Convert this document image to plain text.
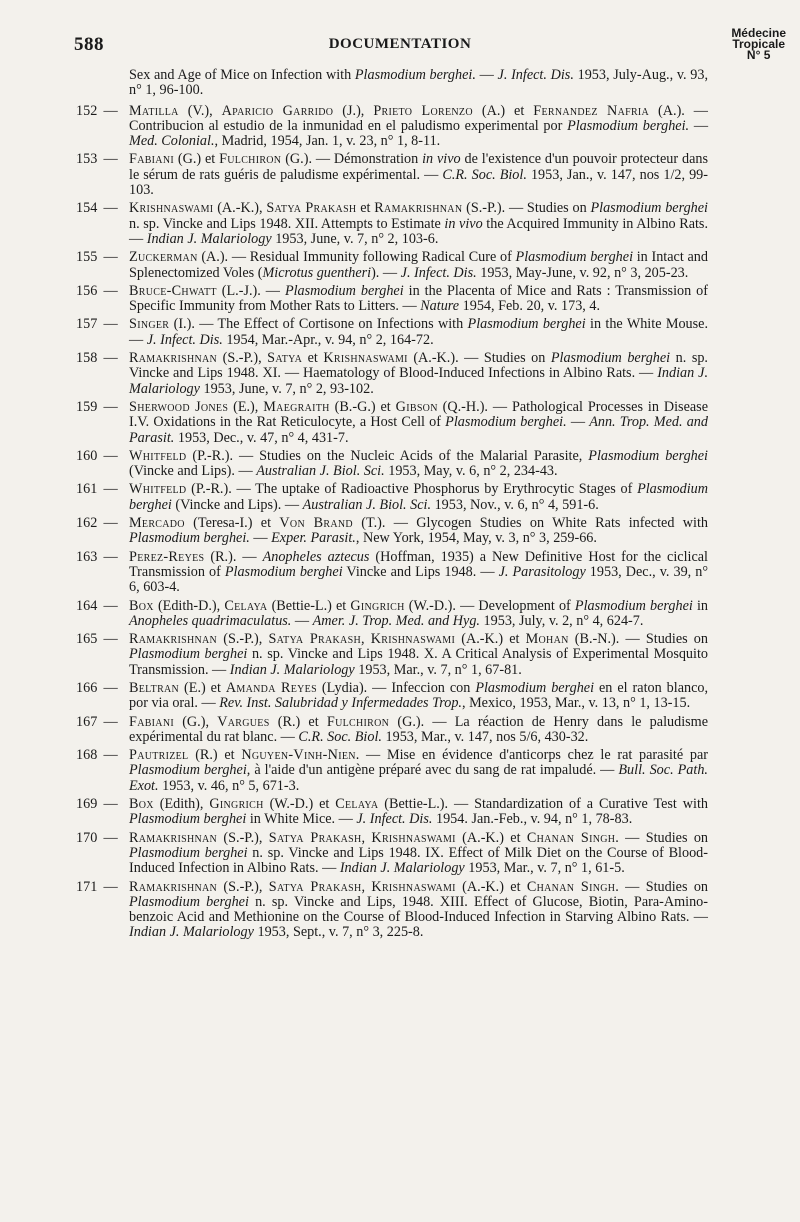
588	DOCUMENTATION
Médecine
Tropicale
N° 5
Sex and Age of Mice on Infection with Plasmodium berghei. — J. Infect. Dis. 1953, July-Aug., v. 93, n° 1, 96-100.
152 — Matilla (V.), Aparicio Garrido (J.), Prieto Lorenzo (A.) et Fernandez Nafria (A.). — Contribucion al estudio de la inmunidad en el paludismo experimental por Plasmodium berghei. — Med. Colonial., Madrid, 1954, Jan. 1, v. 23, n° 1, 8-11.
153 — Fabiani (G.) et Fulchiron (G.). — Démonstration in vivo de l'existence d'un pouvoir protecteur dans le sérum de rats guéris de paludisme expérimental. — C.R. Soc. Biol. 1953, Jan., v. 147, nos 1/2, 99-103.
154 — Krishnaswami (A.-K.), Satya Prakash et Ramakrishnan (S.-P.). — Studies on Plasmodium berghei n. sp. Vincke and Lips 1948. XII. Attempts to Estimate in vivo the Acquired Immunity in Albino Rats. — Indian J. Malariology 1953, June, v. 7, n° 2, 103-6.
155 — Zuckerman (A.). — Residual Immunity following Radical Cure of Plasmodium berghei in Intact and Splenectomized Voles (Microtus guentheri). — J. Infect. Dis. 1953, May-June, v. 92, n° 3, 205-23.
156 — Bruce-Chwatt (L.-J.). — Plasmodium berghei in the Placenta of Mice and Rats : Transmission of Specific Immunity from Mother Rats to Litters. — Nature 1954, Feb. 20, v. 173, 4.
157 — Singer (I.). — The Effect of Cortisone on Infections with Plasmodium berghei in the White Mouse. — J. Infect. Dis. 1954, Mar.-Apr., v. 94, n° 2, 164-72.
158 — Ramakrishnan (S.-P.), Satya et Krishnaswami (A.-K.). — Studies on Plasmodium berghei n. sp. Vincke and Lips 1948. XI. — Haematology of Blood-Induced Infections in Albino Rats. — Indian J. Malariology 1953, June, v. 7, n° 2, 93-102.
159 — Sherwood Jones (E.), Maegraith (B.-G.) et Gibson (Q.-H.). — Pathological Processes in Disease I.V. Oxidations in the Rat Reticulocyte, a Host Cell of Plasmodium berghei. — Ann. Trop. Med. and Parasit. 1953, Dec., v. 47, n° 4, 431-7.
160 — Whitfeld (P.-R.). — Studies on the Nucleic Acids of the Malarial Parasite, Plasmodium berghei (Vincke and Lips). — Australian J. Biol. Sci. 1953, May, v. 6, n° 2, 234-43.
161 — Whitfeld (P.-R.). — The uptake of Radioactive Phosphorus by Erythrocytic Stages of Plasmodium berghei (Vincke and Lips). — Australian J. Biol. Sci. 1953, Nov., v. 6, n° 4, 591-6.
162 — Mercado (Teresa-I.) et Von Brand (T.). — Glycogen Studies on White Rats infected with Plasmodium berghei. — Exper. Parasit., New York, 1954, May, v. 3, n° 3, 259-66.
163 — Perez-Reyes (R.). — Anopheles aztecus (Hoffman, 1935) a New Definitive Host for the ciclical Transmission of Plasmodium berghei Vincke and Lips 1948. — J. Parasitology 1953, Dec., v. 39, n° 6, 603-4.
164 — Box (Edith-D.), Celaya (Bettie-L.) et Gingrich (W.-D.). — Development of Plasmodium berghei in Anopheles quadrimaculatus. — Amer. J. Trop. Med. and Hyg. 1953, July, v. 2, n° 4, 624-7.
165 — Ramakrishnan (S.-P.), Satya Prakash, Krishnaswami (A.-K.) et Mohan (B.-N.). — Studies on Plasmodium berghei n. sp. Vincke and Lips 1948. X. A Critical Analysis of Experimental Mosquito Transmission. — Indian J. Malariology 1953, Mar., v. 7, n° 1, 67-81.
166 — Beltran (E.) et Amanda Reyes (Lydia). — Infeccion con Plasmodium berghei en el raton blanco, por via oral. — Rev. Inst. Salubridad y Infermedades Trop., Mexico, 1953, Mar., v. 13, n° 1, 13-15.
167 — Fabiani (G.), Vargues (R.) et Fulchiron (G.). — La réaction de Henry dans le paludisme expérimental du rat blanc. — C.R. Soc. Biol. 1953, Mar., v. 147, nos 5/6, 430-32.
168 — Pautrizel (R.) et Nguyen-Vinh-Nien. — Mise en évidence d'anticorps chez le rat parasité par Plasmodium berghei, à l'aide d'un antigène préparé avec du sang de rat impaludé. — Bull. Soc. Path. Exot. 1953, v. 46, n° 5, 671-3.
169 — Box (Edith), Gingrich (W.-D.) et Celaya (Bettie-L.). — Standardization of a Curative Test with Plasmodium berghei in White Mice. — J. Infect. Dis. 1954. Jan.-Feb., v. 94, n° 1, 78-83.
170 — Ramakrishnan (S.-P.), Satya Prakash, Krishnaswami (A.-K.) et Chanan Singh. — Studies on Plasmodium berghei n. sp. Vincke and Lips 1948. IX. Effect of Milk Diet on the Course of Blood-Induced Infection in Albino Rats. — Indian J. Malariology 1953, Mar., v. 7, n° 1, 61-5.
171 — Ramakrishnan (S.-P.), Satya Prakash, Krishnaswami (A.-K.) et Chanan Singh. — Studies on Plasmodium berghei n. sp. Vincke and Lips, 1948. XIII. Effect of Glucose, Biotin, Para-Amino-benzoic Acid and Methionine on the Course of Blood-Induced Infection in Starving Albino Rats. — Indian J. Malariology 1953, Sept., v. 7, n° 3, 225-8.
